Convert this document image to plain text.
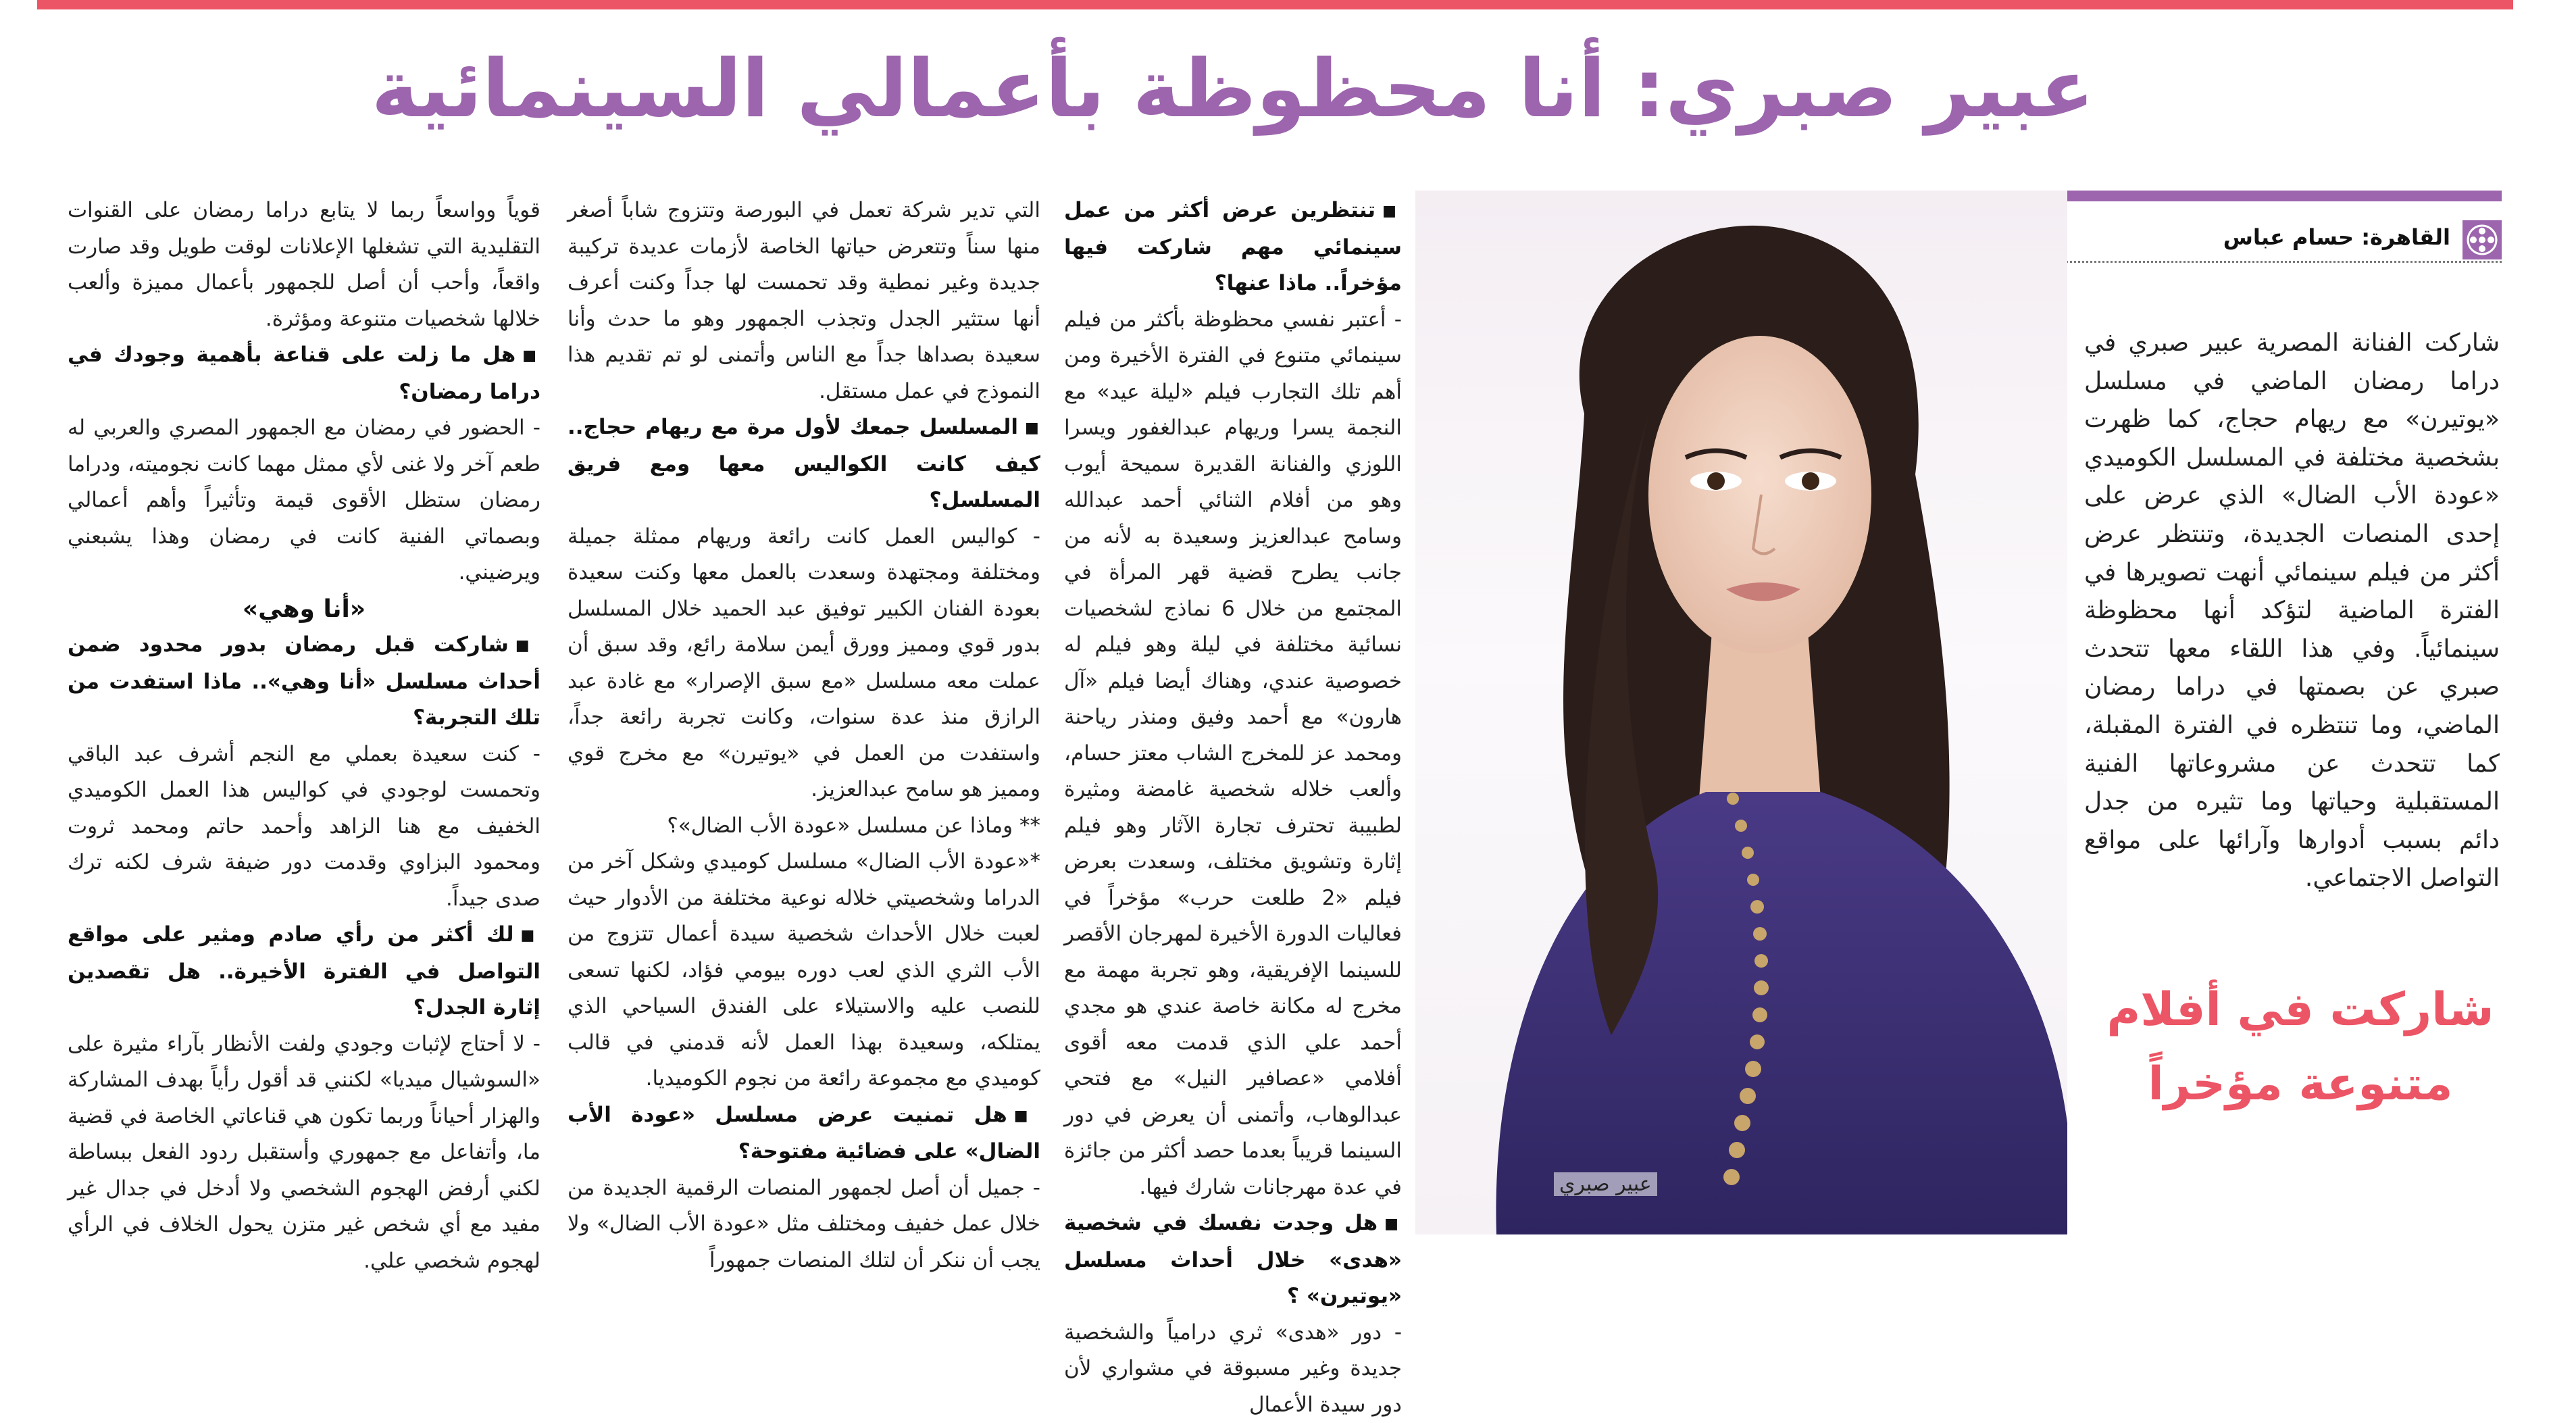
عبير صبري: أنا محظوظة بأعمالي السينمائية
القاهرة: حسام عباس
شاركت الفنانة المصرية عبير صبري في دراما رمضان الماضي في مسلسل «يوتيرن» مع ريهام حجاج، كما ظهرت بشخصية مختلفة في المسلسل الكوميدي «عودة الأب الضال» الذي عرض على إحدى المنصات الجديدة، وتنتظر عرض أكثر من فيلم سينمائي أنهت تصويرها في الفترة الماضية لتؤكد أنها محظوظة سينمائياً. وفي هذا اللقاء معها تتحدث صبري عن بصمتها في دراما رمضان الماضي، وما تنتظره في الفترة المقبلة، كما تتحدث عن مشروعاتها الفنية المستقبلية وحياتها وما تثيره من جدل دائم بسبب أدوارها وآرائها على مواقع التواصل الاجتماعي.
شاركت في أفلام متنوعة مؤخراً
عبير صبري

■ تنتظرين عرض أكثر من عمل سينمائي مهم شاركت فيها مؤخراً.. ماذا عنها؟

- أعتبر نفسي محظوظة بأكثر من فيلم سينمائي متنوع في الفترة الأخيرة ومن أهم تلك التجارب فيلم «ليلة عيد» مع النجمة يسرا وريهام عبدالغفور ويسرا اللوزي والفنانة القديرة سميحة أيوب وهو من أفلام الثنائي أحمد عبدالله وسامح عبدالعزيز وسعيدة به لأنه من جانب يطرح قضية قهر المرأة في المجتمع من خلال 6 نماذج لشخصيات نسائية مختلفة في ليلة وهو فيلم له خصوصية عندي، وهناك أيضا فيلم «آل هارون» مع أحمد وفيق ومنذر رياحنة ومحمد عز للمخرج الشاب معتز حسام، وألعب خلاله شخصية غامضة ومثيرة لطبيبة تحترف تجارة الآثار وهو فيلم إثارة وتشويق مختلف، وسعدت بعرض فيلم «2 طلعت حرب» مؤخراً في فعاليات الدورة الأخيرة لمهرجان الأقصر للسينما الإفريقية، وهو تجربة مهمة مع مخرج له مكانة خاصة عندي هو مجدي أحمد علي الذي قدمت معه أقوى أفلامي «عصافير النيل» مع فتحي عبدالوهاب، وأتمنى أن يعرض في دور السينما قريباً بعدما حصد أكثر من جائزة في عدة مهرجانات شارك فيها.

■ هل وجدت نفسك في شخصية «هدى» خلال أحداث مسلسل «يوتيرن» ؟

- دور «هدى» ثري درامياً والشخصية جديدة وغير مسبوقة في مشواري لأن دور سيدة الأعمال

التي تدير شركة تعمل في البورصة وتتزوج شاباً أصغر منها سناً وتتعرض حياتها الخاصة لأزمات عديدة تركيبة جديدة وغير نمطية وقد تحمست لها جداً وكنت أعرف أنها ستثير الجدل وتجذب الجمهور وهو ما حدث وأنا سعيدة بصداها جداً مع الناس وأتمنى لو تم تقديم هذا النموذج في عمل مستقل.

■ المسلسل جمعك لأول مرة مع ريهام حجاج.. كيف كانت الكواليس معها ومع فريق المسلسل؟

- كواليس العمل كانت رائعة وريهام ممثلة جميلة ومختلفة ومجتهدة وسعدت بالعمل معها وكنت سعيدة بعودة الفنان الكبير توفيق عبد الحميد خلال المسلسل بدور قوي ومميز وورق أيمن سلامة رائع، وقد سبق أن عملت معه مسلسل «مع سبق الإصرار» مع غادة عبد الرازق منذ عدة سنوات، وكانت تجربة رائعة جداً، واستفدت من العمل في «يوتيرن» مع مخرج قوي ومميز هو سامح عبدالعزيز.

** وماذا عن مسلسل «عودة الأب الضال»؟

*«عودة الأب الضال» مسلسل كوميدي وشكل آخر من الدراما وشخصيتي خلاله نوعية مختلفة من الأدوار حيث لعبت خلال الأحداث شخصية سيدة أعمال تتزوج من الأب الثري الذي لعب دوره بيومي فؤاد، لكنها تسعى للنصب عليه والاستيلاء على الفندق السياحي الذي يمتلكه، وسعيدة بهذا العمل لأنه قدمني في قالب كوميدي مع مجموعة رائعة من نجوم الكوميديا.

■ هل تمنيت عرض مسلسل «عودة الأب الضال» على فضائية مفتوحة؟

- جميل أن أصل لجمهور المنصات الرقمية الجديدة من خلال عمل خفيف ومختلف مثل «عودة الأب الضال» ولا يجب أن ننكر أن لتلك المنصات جمهوراً

قوياً وواسعاً ربما لا يتابع دراما رمضان على القنوات التقليدية التي تشغلها الإعلانات لوقت طويل وقد صارت واقعاً، وأحب أن أصل للجمهور بأعمال مميزة وألعب خلالها شخصيات متنوعة ومؤثرة.

■ هل ما زلت على قناعة بأهمية وجودك في دراما رمضان؟

- الحضور في رمضان مع الجمهور المصري والعربي له طعم آخر ولا غنى لأي ممثل مهما كانت نجوميته، ودراما رمضان ستظل الأقوى قيمة وتأثيراً وأهم أعمالي وبصماتي الفنية كانت في رمضان وهذا يشبعني ويرضيني.

«أنا وهي»

■ شاركت قبل رمضان بدور محدود ضمن أحداث مسلسل «أنا وهي».. ماذا استفدت من تلك التجربة؟

- كنت سعيدة بعملي مع النجم أشرف عبد الباقي وتحمست لوجودي في كواليس هذا العمل الكوميدي الخفيف مع هنا الزاهد وأحمد حاتم ومحمد ثروت ومحمود البزاوي وقدمت دور ضيفة شرف لكنه ترك صدى جيداً.

■ لك أكثر من رأي صادم ومثير على مواقع التواصل في الفترة الأخيرة.. هل تقصدين إثارة الجدل؟

- لا أحتاج لإثبات وجودي ولفت الأنظار بآراء مثيرة على «السوشيال ميديا» لكنني قد أقول رأياً بهدف المشاركة والهزار أحياناً وربما تكون هي قناعاتي الخاصة في قضية ما، وأتفاعل مع جمهوري وأستقبل ردود الفعل ببساطة لكني أرفض الهجوم الشخصي ولا أدخل في جدال غير مفيد مع أي شخص غير متزن يحول الخلاف في الرأي لهجوم شخصي علي.
